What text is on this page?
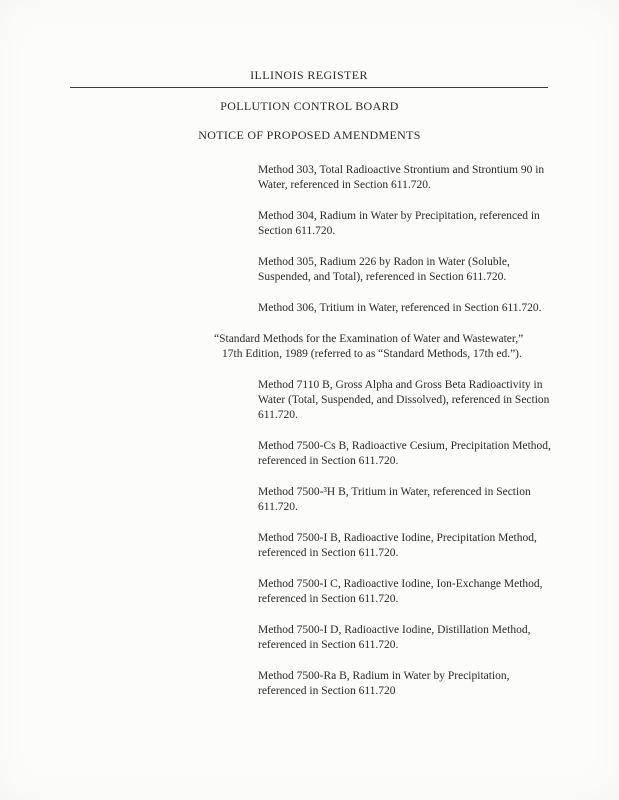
ILLINOIS REGISTER
POLLUTION CONTROL BOARD
NOTICE OF PROPOSED AMENDMENTS

Method 303, Total Radioactive Strontium and Strontium 90 in Water, referenced in Section 611.720.

Method 304, Radium in Water by Precipitation, referenced in Section 611.720.

Method 305, Radium 226 by Radon in Water (Soluble, Suspended, and Total), referenced in Section 611.720.

Method 306, Tritium in Water, referenced in Section 611.720.

“Standard Methods for the Examination of Water and Wastewater,” 17th Edition, 1989 (referred to as “Standard Methods, 17th ed.”).

Method 7110 B, Gross Alpha and Gross Beta Radioactivity in Water (Total, Suspended, and Dissolved), referenced in Section 611.720.

Method 7500-Cs B, Radioactive Cesium, Precipitation Method, referenced in Section 611.720.

Method 7500-³H B, Tritium in Water, referenced in Section 611.720.

Method 7500-I B, Radioactive Iodine, Precipitation Method, referenced in Section 611.720.

Method 7500-I C, Radioactive Iodine, Ion-Exchange Method, referenced in Section 611.720.

Method 7500-I D, Radioactive Iodine, Distillation Method, referenced in Section 611.720.

Method 7500-Ra B, Radium in Water by Precipitation, referenced in Section 611.720
